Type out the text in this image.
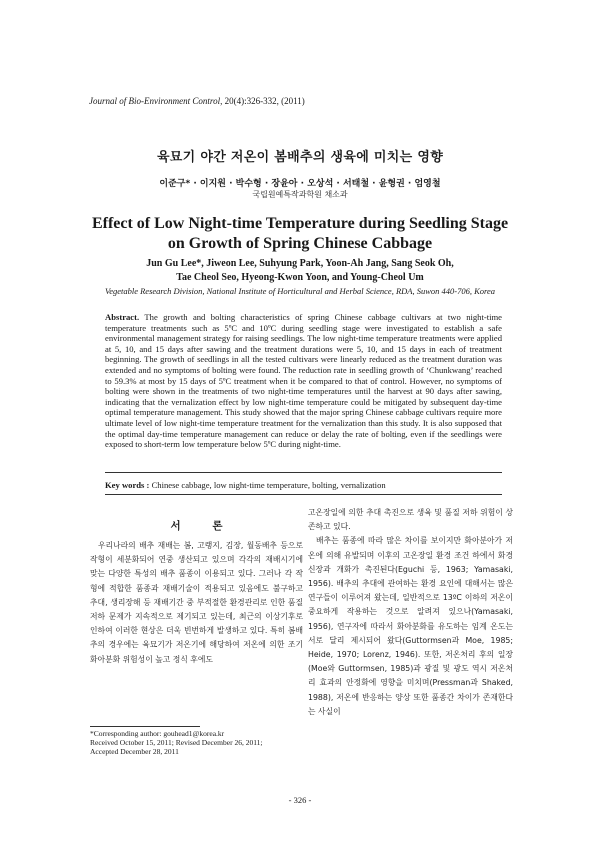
Journal of Bio-Environment Control, 20(4):326-332, (2011)
육묘기 야간 저온이 봄배추의 생육에 미치는 영향
이준구* · 이지원 · 박수형 · 장윤아 · 오상석 · 서태철 · 윤형권 · 엄영철
국립원예특작과학원 채소과
Effect of Low Night-time Temperature during Seedling Stage
on Growth of Spring Chinese Cabbage
Jun Gu Lee*, Jiweon Lee, Suhyung Park, Yoon-Ah Jang, Sang Seok Oh,
Tae Cheol Seo, Hyeong-Kwon Yoon, and Young-Cheol Um
Vegetable Research Division, National Institute of Horticultural and Herbal Science, RDA, Suwon 440-706, Korea
Abstract. The growth and bolting characteristics of spring Chinese cabbage cultivars at two night-time temperature treatments such as 5ºC and 10ºC during seedling stage were investigated to establish a safe environmental management strategy for raising seedlings. The low night-time temperature treatments were applied at 5, 10, and 15 days after sawing and the treatment durations were 5, 10, and 15 days in each of treatment beginning. The growth of seedlings in all the tested cultivars were linearly reduced as the treatment duration was extended and no symptoms of bolting were found. The reduction rate in seedling growth of ‘Chunkwang’ reached to 59.3% at most by 15 days of 5ºC treatment when it be compared to that of control. However, no symptoms of bolting were shown in the treatments of two night-time temperatures until the harvest at 90 days after sawing, indicating that the vernalization effect by low night-time temperature could be mitigated by subsequent day-time optimal temperature management. This study showed that the major spring Chinese cabbage cultivars require more ultimate level of low night-time temperature treatment for the vernalization than this study. It is also supposed that the optimal day-time temperature management can reduce or delay the rate of bolting, even if the seedlings were exposed to short-term low temperature below 5ºC during night-time.
Key words : Chinese cabbage, low night-time temperature, bolting, vernalization
서 론

우리나라의 배추 재배는 봄, 고랭지, 김장, 월동배추 등으로 작형이 세분화되어 연중 생산되고 있으며 각각의 재배시기에 맞는 다양한 특성의 배추 품종이 이용되고 있다. 그러나 각 작형에 적합한 품종과 재배기술이 적용되고 있음에도 불구하고 추대, 생리장해 등 재배기간 중 부적절한 환경관리로 인한 품질저하 문제가 지속적으로 제기되고 있는데, 최근의 이상기후로 인하여 이러한 현상은 더욱 빈번하게 발생하고 있다. 특히 봄배추의 경우에는 육묘기가 저온기에 해당하여 저온에 의한 조기 화아분화 위험성이 높고 정식 후에도

고온장일에 의한 추대 촉진으로 생육 및 품질 저하 위험이 상존하고 있다.

배추는 품종에 따라 많은 차이를 보이지만 화아분아가 저온에 의해 유발되며 이후의 고온장일 환경 조건 하에서 화경신장과 개화가 촉진된다(Eguchi 등, 1963; Yamasaki, 1956). 배추의 추대에 관여하는 환경 요인에 대해서는 많은 연구들이 이루어져 왔는데, 일반적으로 13ºC 이하의 저온이 중요하게 작용하는 것으로 알려져 있으나(Yamasaki, 1956), 연구자에 따라서 화아분화를 유도하는 임계 온도는 서로 달리 제시되어 왔다(Guttormsen과 Moe, 1985; Heide, 1970; Lorenz, 1946). 또한, 저온처리 후의 일장(Moe와 Guttormsen, 1985)과 광질 및 광도 역시 저온처리 효과의 안정화에 영향을 미치며(Pressman과 Shaked, 1988), 저온에 반응하는 양상 또한 품종간 차이가 존재한다는 사실이

*Corresponding author: gouhead1@korea.kr
Received October 15, 2011; Revised December 26, 2011;
Accepted December 28, 2011
- 326 -
